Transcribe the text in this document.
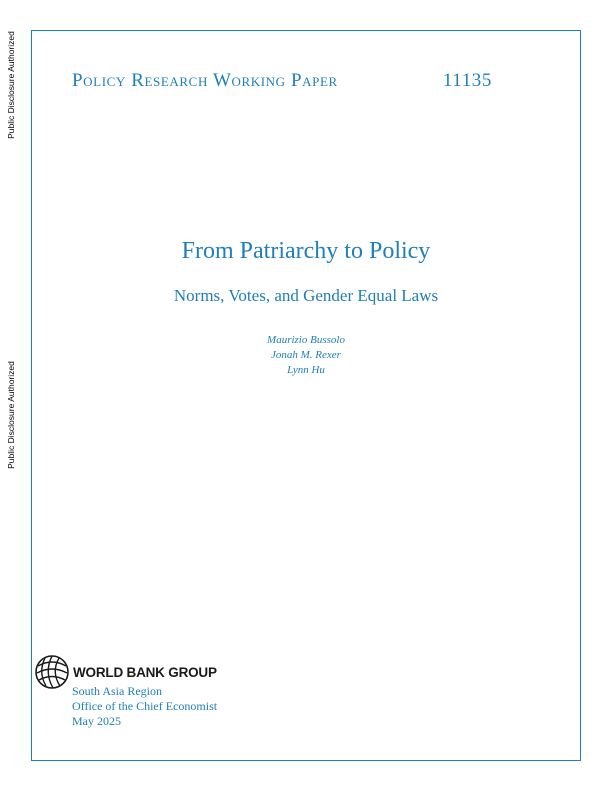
Public Disclosure Authorized
Public Disclosure Authorized
Policy Research Working Paper	11135
From Patriarchy to Policy
Norms, Votes, and Gender Equal Laws
Maurizio Bussolo
Jonah M. Rexer
Lynn Hu
WORLD BANK GROUP
South Asia Region
Office of the Chief Economist
May 2025
